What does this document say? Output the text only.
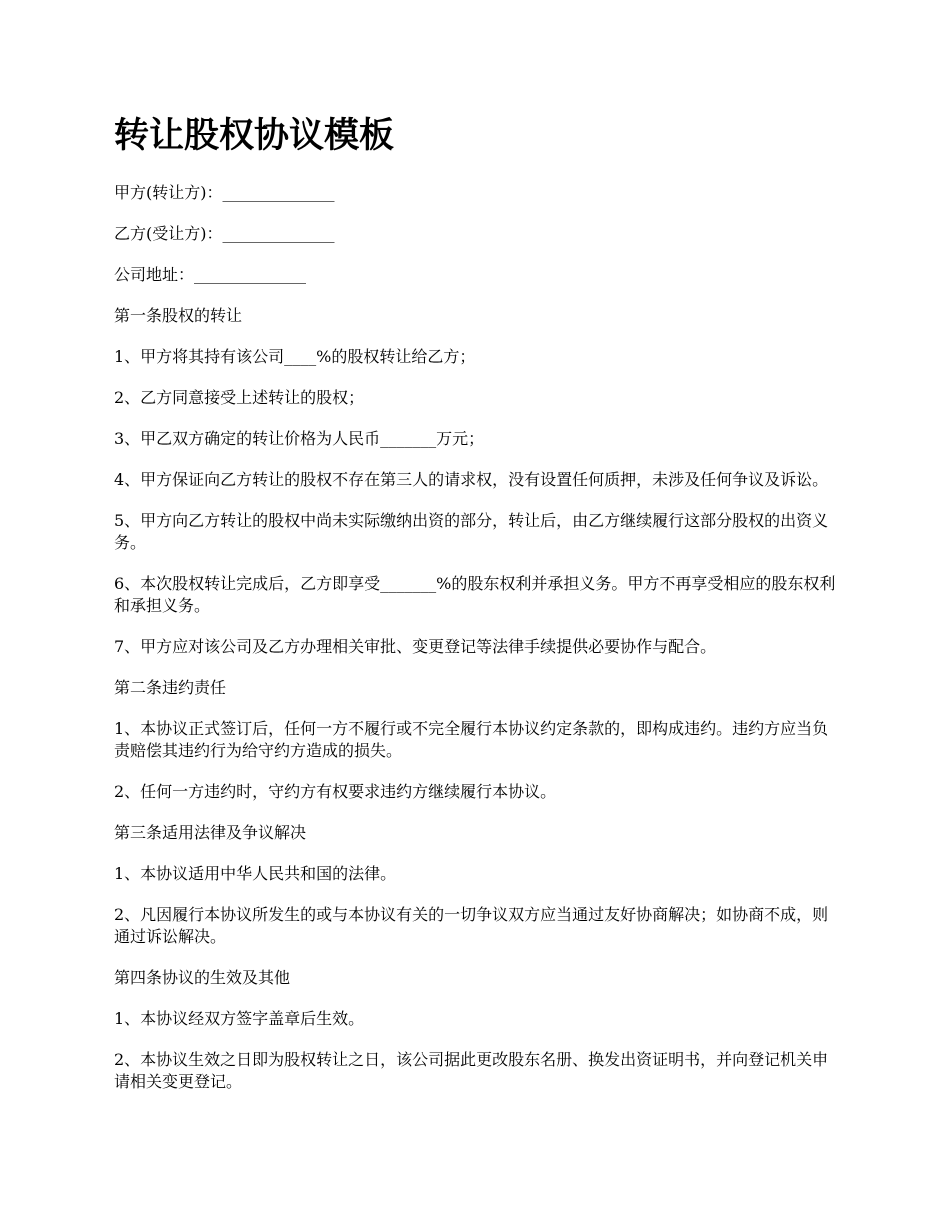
转让股权协议模板

甲方(转让方)：______________

乙方(受让方)：______________

公司地址：______________

第一条股权的转让

1、甲方将其持有该公司____%的股权转让给乙方；

2、乙方同意接受上述转让的股权；

3、甲乙双方确定的转让价格为人民币_______万元；

4、甲方保证向乙方转让的股权不存在第三人的请求权，没有设置任何质押，未涉及任何争议及诉讼。

5、甲方向乙方转让的股权中尚未实际缴纳出资的部分，转让后，由乙方继续履行这部分股权的出资义务。

6、本次股权转让完成后，乙方即享受_______%的股东权利并承担义务。甲方不再享受相应的股东权利和承担义务。

7、甲方应对该公司及乙方办理相关审批、变更登记等法律手续提供必要协作与配合。

第二条违约责任

1、本协议正式签订后，任何一方不履行或不完全履行本协议约定条款的，即构成违约。违约方应当负责赔偿其违约行为给守约方造成的损失。

2、任何一方违约时，守约方有权要求违约方继续履行本协议。

第三条适用法律及争议解决

1、本协议适用中华人民共和国的法律。

2、凡因履行本协议所发生的或与本协议有关的一切争议双方应当通过友好协商解决；如协商不成，则通过诉讼解决。

第四条协议的生效及其他

1、本协议经双方签字盖章后生效。

2、本协议生效之日即为股权转让之日，该公司据此更改股东名册、换发出资证明书，并向登记机关申请相关变更登记。
